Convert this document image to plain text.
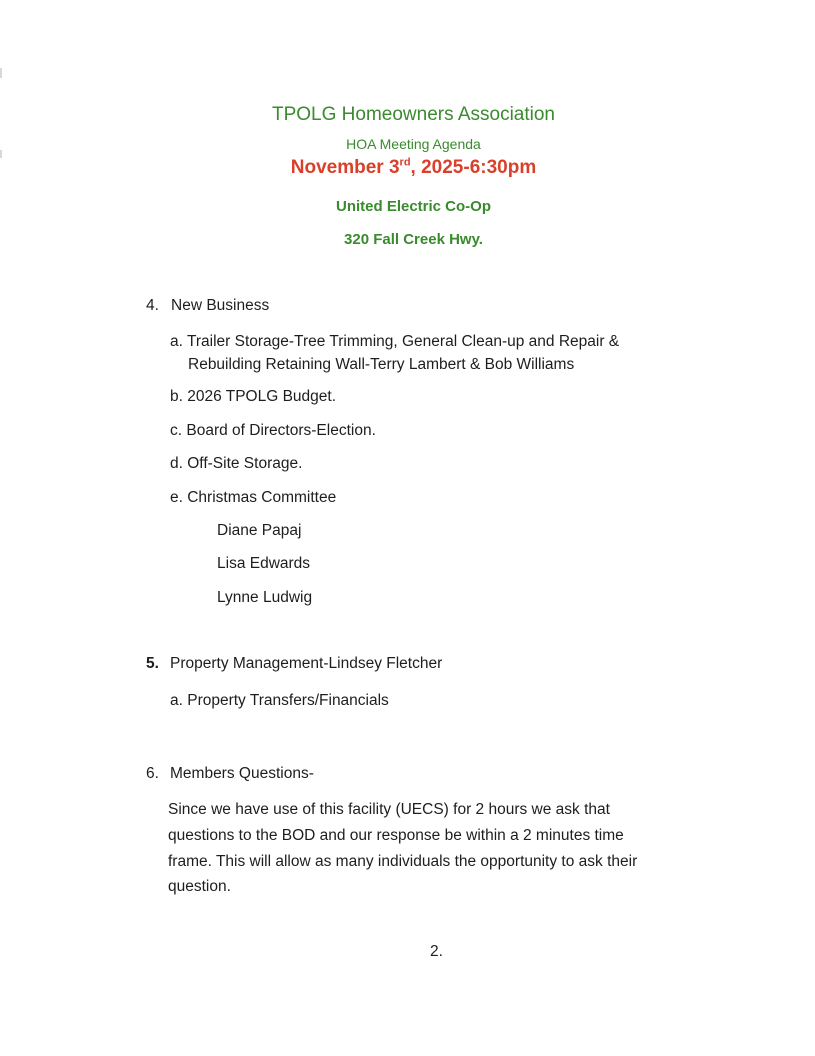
TPOLG Homeowners Association
HOA Meeting Agenda
November 3rd, 2025-6:30pm
United Electric Co-Op
320 Fall Creek Hwy.
4. New Business
a. Trailer Storage-Tree Trimming, General Clean-up and Repair &
Rebuilding Retaining Wall-Terry Lambert & Bob Williams
b. 2026 TPOLG Budget.
c. Board of Directors-Election.
d. Off-Site Storage.
e. Christmas Committee
Diane Papaj
Lisa Edwards
Lynne Ludwig
5. Property Management-Lindsey Fletcher
a. Property Transfers/Financials
6. Members Questions-
Since we have use of this facility (UECS) for 2 hours we ask that
questions to the BOD and our response be within a 2 minutes time
frame. This will allow as many individuals the opportunity to ask their
question.
2.
